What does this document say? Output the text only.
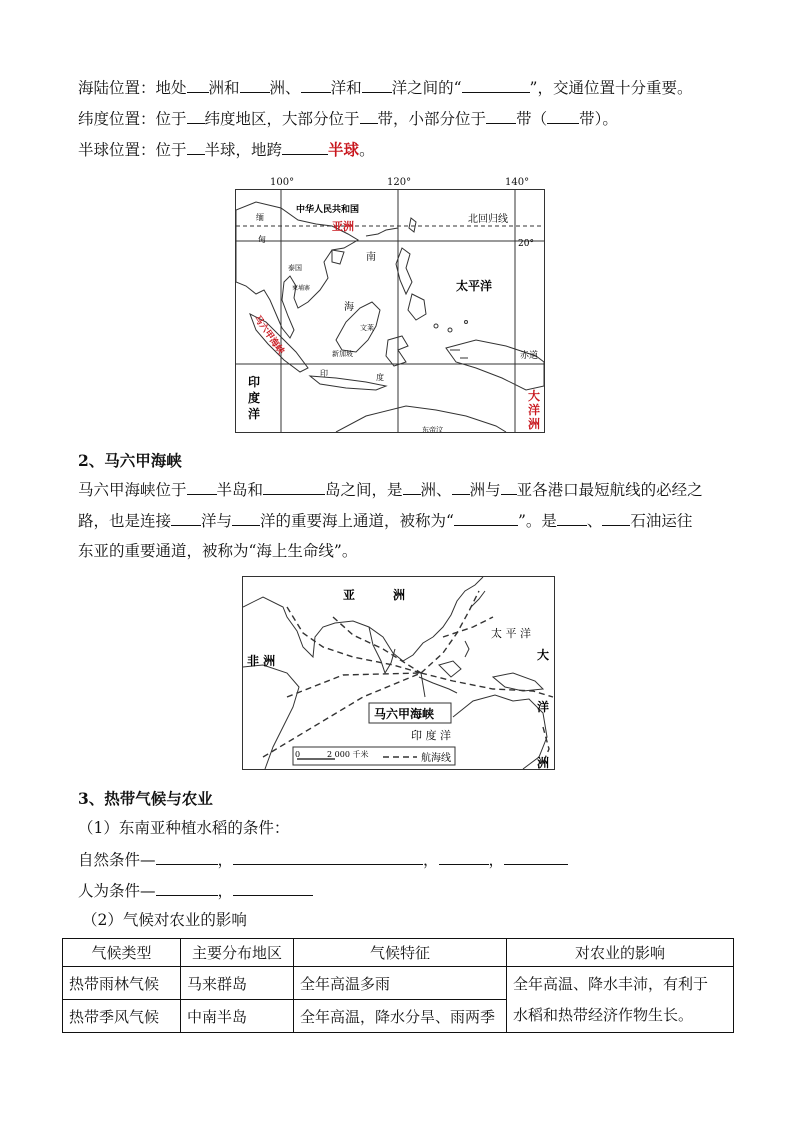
海陆位置：地处 洲和 洲、 洋和 洋之间的“	”，交通位置十分重要。
纬度位置：位于 纬度地区，大部分位于 带，小部分位于 带（ 带）。
半球位置：位于 半球，地跨	半球。
中华人民共和国
北回归线
亚洲
20°
南
海
太平洋
泰国
柬埔寨
新加坡
文莱
印	度
东帝汶
缅
甸
赤道
马六甲海峡
印
度
洋
大
洋
洲
100°	120°	140°
2、马六甲海峡
马六甲海峡位于 半岛和	岛之间，是 洲、 洲与 亚各港口最短航线的必经之
路，也是连接 洋与 洋的重要海上通道，被称为“	”。是 、 石油运往
东亚的重要通道，被称为“海上生命线”。
亚	洲
非 洲
太 平 洋
大
洋
洲
印 度 洋
马六甲海峡
0	2 000 千米	航海线
3、热带气候与农业
（1）东南亚种植水稻的条件：
自然条件—	，	，	，
人为条件—	，
（2）气候对农业的影响
气候类型	主要分布地区	气候特征	对农业的影响
热带雨林气候	马来群岛	全年高温多雨	全年高温、降水丰沛，有利于
水稻和热带经济作物生长。

热带季风气候	中南半岛	全年高温，降水分旱、雨两季	
